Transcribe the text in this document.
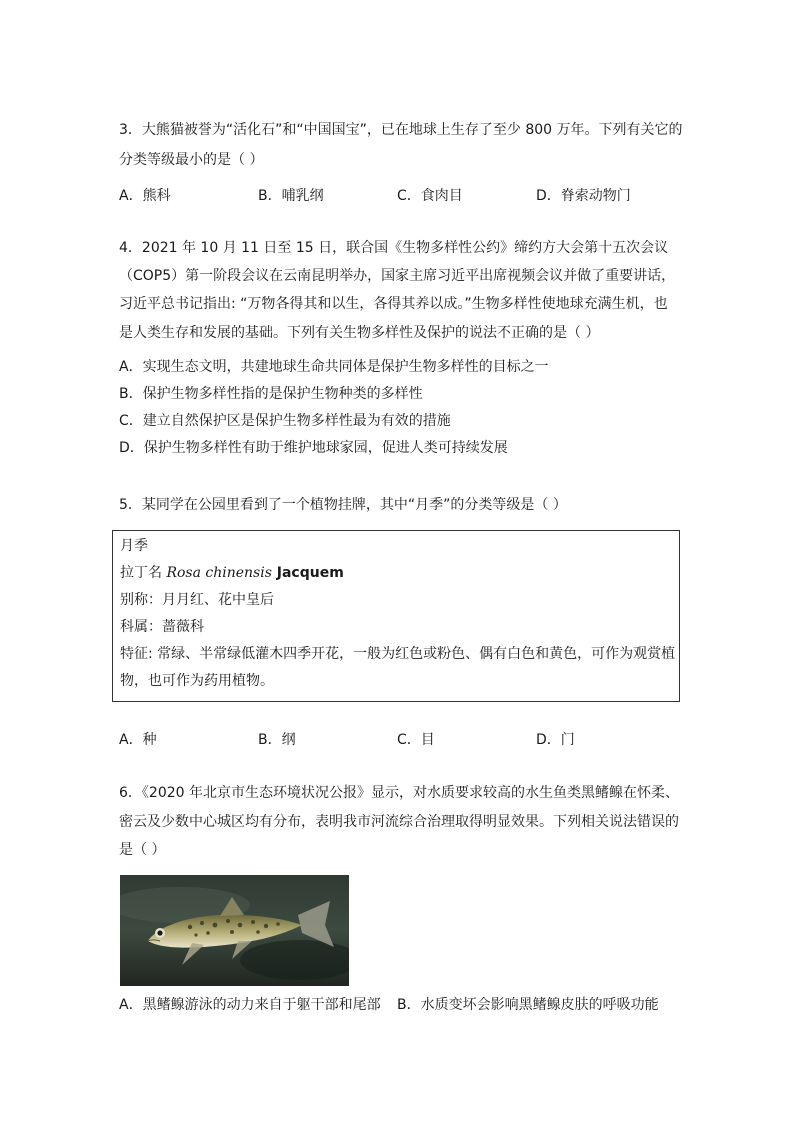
3．大熊猫被誉为“活化石”和“中国国宝”，已在地球上生存了至少 800 万年。下列有关它的
分类等级最小的是（ ）
A．熊科	B．哺乳纲	C．食肉目	D．脊索动物门
4．2021 年 10 月 11 日至 15 日，联合国《生物多样性公约》缔约方大会第十五次会议
（COP5）第一阶段会议在云南昆明举办，国家主席习近平出席视频会议并做了重要讲话，
习近平总书记指出: “万物各得其和以生，各得其养以成。”生物多样性使地球充满生机，也
是人类生存和发展的基础。下列有关生物多样性及保护的说法不正确的是（ ）
A．实现生态文明，共建地球生命共同体是保护生物多样性的目标之一
B．保护生物多样性指的是保护生物种类的多样性
C．建立自然保护区是保护生物多样性最为有效的措施
D．保护生物多样性有助于维护地球家园，促进人类可持续发展
5．某同学在公园里看到了一个植物挂牌，其中“月季”的分类等级是（ ）
月季
拉丁名 Rosa chinensis Jacquem
别称：月月红、花中皇后
科属：蔷薇科
特征: 常绿、半常绿低灌木四季开花，一般为红色或粉色、偶有白色和黄色，可作为观赏植
物，也可作为药用植物。
A．种	B．纲	C．目	D．门
6．《2020 年北京市生态环境状况公报》显示，对水质要求较高的水生鱼类黑鳍鳈在怀柔、
密云及少数中心城区均有分布，表明我市河流综合治理取得明显效果。下列相关说法错误的
是（ ）
A．黑鳍鳈游泳的动力来自于躯干部和尾部 B．水质变坏会影响黑鳍鳈皮肤的呼吸功能
